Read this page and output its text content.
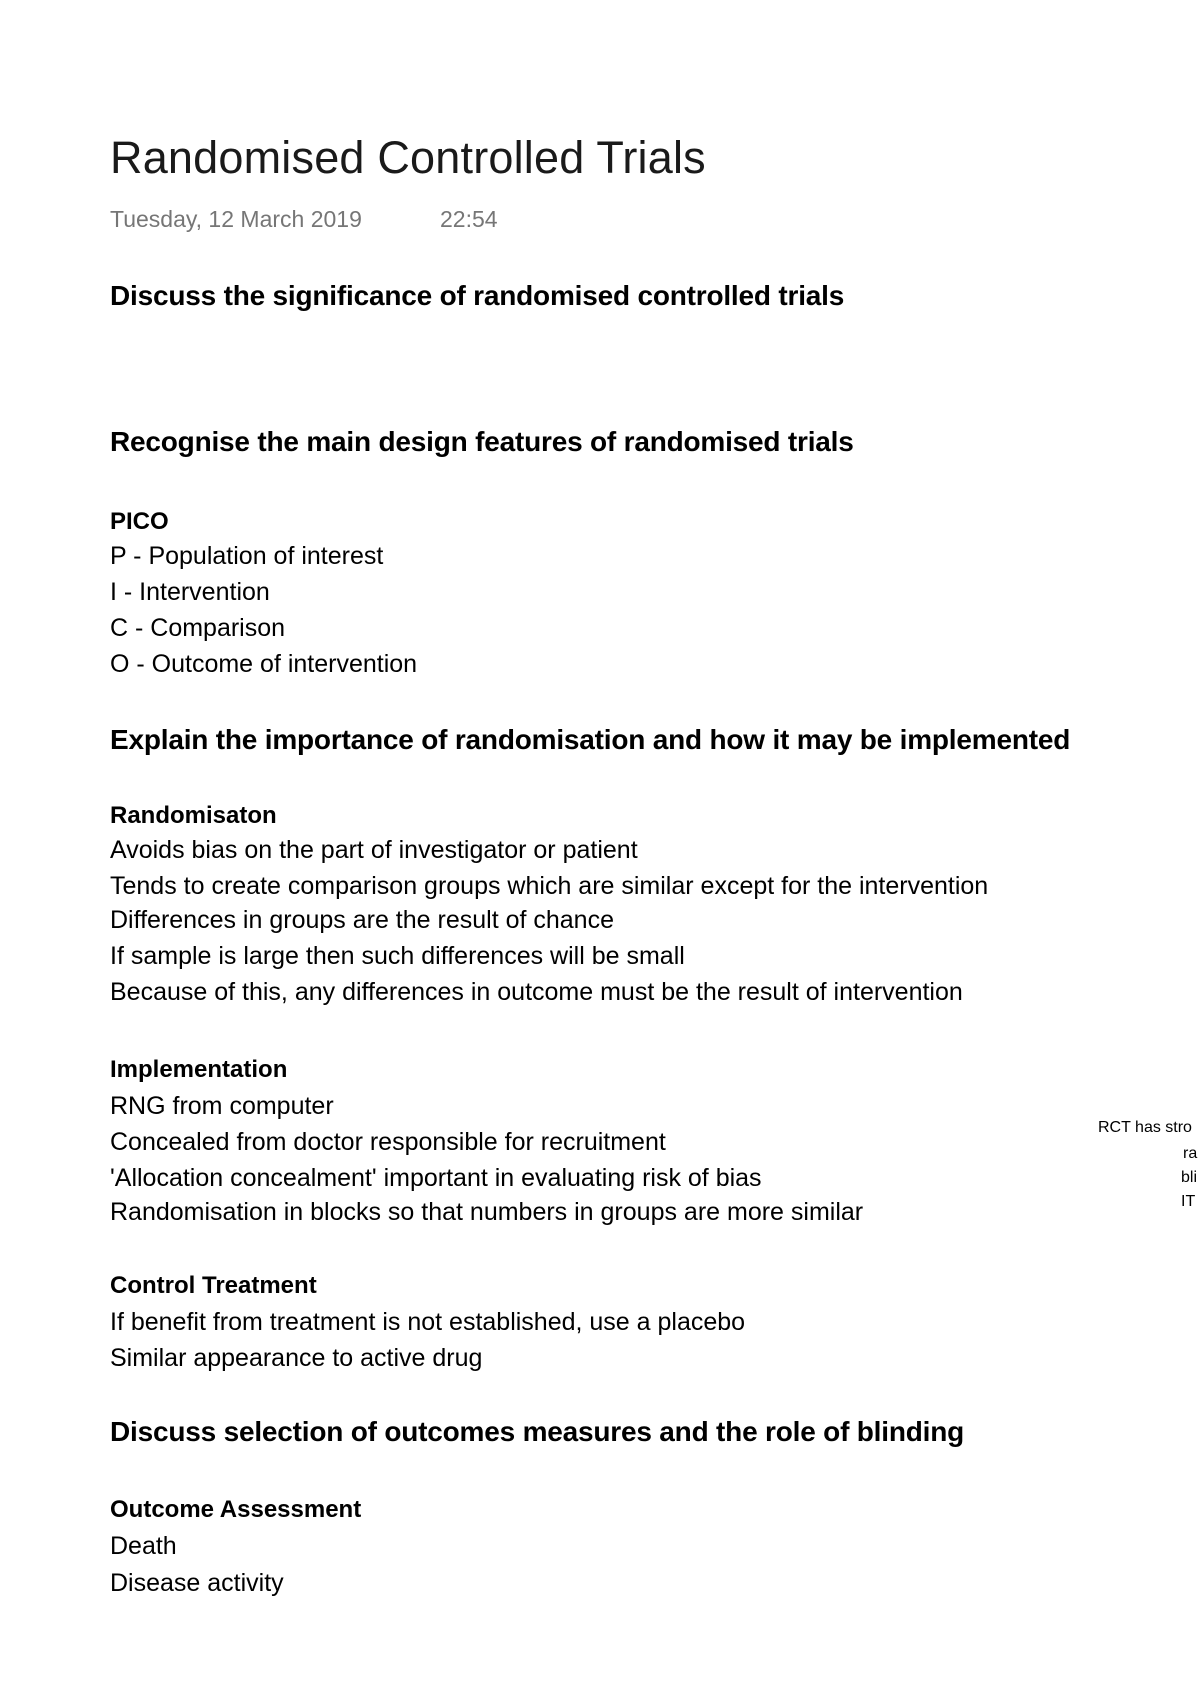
Randomised Controlled Trials
Tuesday, 12 March 2019	22:54
Discuss the significance of randomised controlled trials
Recognise the main design features of randomised trials
PICO
P - Population of interest
I - Intervention
C - Comparison
O - Outcome of intervention
Explain the importance of randomisation and how it may be implemented
Randomisaton
Avoids bias on the part of investigator or patient
Tends to create comparison groups which are similar except for the intervention
Differences in groups are the result of chance
If sample is large then such differences will be small
Because of this, any differences in outcome must be the result of intervention
Implementation
RNG from computer
Concealed from doctor responsible for recruitment
'Allocation concealment' important in evaluating risk of bias
Randomisation in blocks so that numbers in groups are more similar
Control Treatment
If benefit from treatment is not established, use a placebo
Similar appearance to active drug
Discuss selection of outcomes measures and the role of blinding
Outcome Assessment
Death
Disease activity
RCT has stro
ra
bli
IT
